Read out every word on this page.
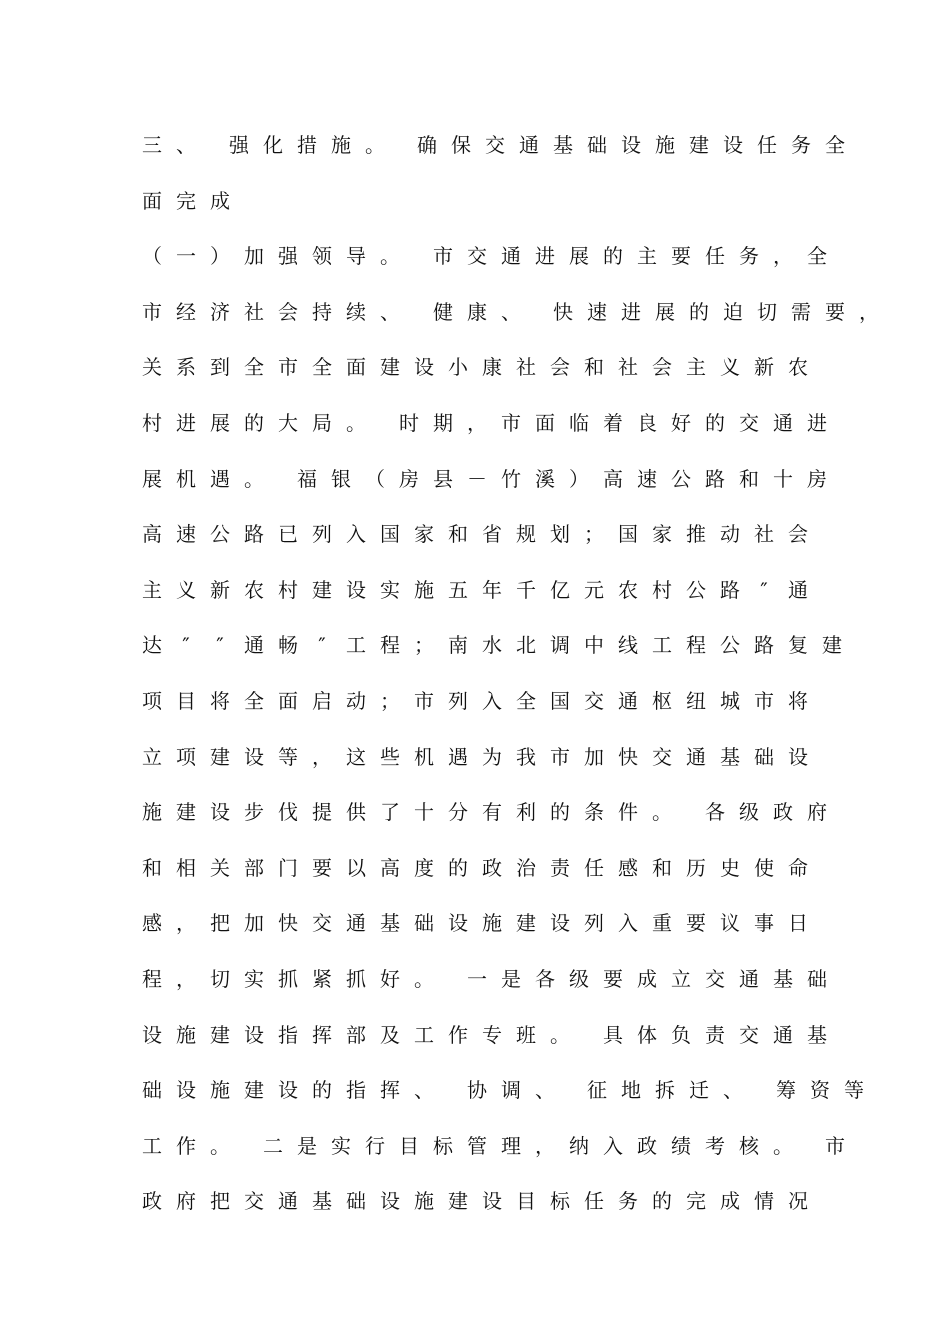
三 、 强 化 措 施 。 确 保 交 通 基 础 设 施 建 设 任 务 全
面 完 成
（ 一 ） 加 强 领 导 。 市 交 通 进 展 的 主 要 任 务 ， 全
市 经 济 社 会 持 续 、 健 康 、 快 速 进 展 的 迫 切 需 要 ，
关 系 到 全 市 全 面 建 设 小 康 社 会 和 社 会 主 义 新 农
村 进 展 的 大 局 。 时 期 ， 市 面 临 着 良 好 的 交 通 进
展 机 遇 。 福 银 （ 房 县 － 竹 溪 ） 高 速 公 路 和 十 房
高 速 公 路 已 列 入 国 家 和 省 规 划 ； 国 家 推 动 社 会
主 义 新 农 村 建 设 实 施 五 年 千 亿 元 农 村 公 路	″	通
达	″	″	通 畅	″	工 程 ； 南 水 北 调 中 线 工 程 公 路 复 建
项 目 将 全 面 启 动 ； 市 列 入 全 国 交 通 枢 纽 城 市 将
立 项 建 设 等 ， 这 些 机 遇 为 我 市 加 快 交 通 基 础 设
施 建 设 步 伐 提 供 了 十 分 有 利 的 条 件 。 各 级 政 府
和 相 关 部 门 要 以 高 度 的 政 治 责 任 感 和 历 史 使 命
感 ， 把 加 快 交 通 基 础 设 施 建 设 列 入 重 要 议 事 日
程 ， 切 实 抓 紧 抓 好 。 一 是 各 级 要 成 立 交 通 基 础
设 施 建 设 指 挥 部 及 工 作 专 班 。 具 体 负 责 交 通 基
础 设 施 建 设 的 指 挥 、 协 调 、 征 地 拆 迁 、 筹 资 等
工 作 。 二 是 实 行 目 标 管 理 ， 纳 入 政 绩 考 核 。 市
政 府 把 交 通 基 础 设 施 建 设 目 标 任 务 的 完 成 情 况
